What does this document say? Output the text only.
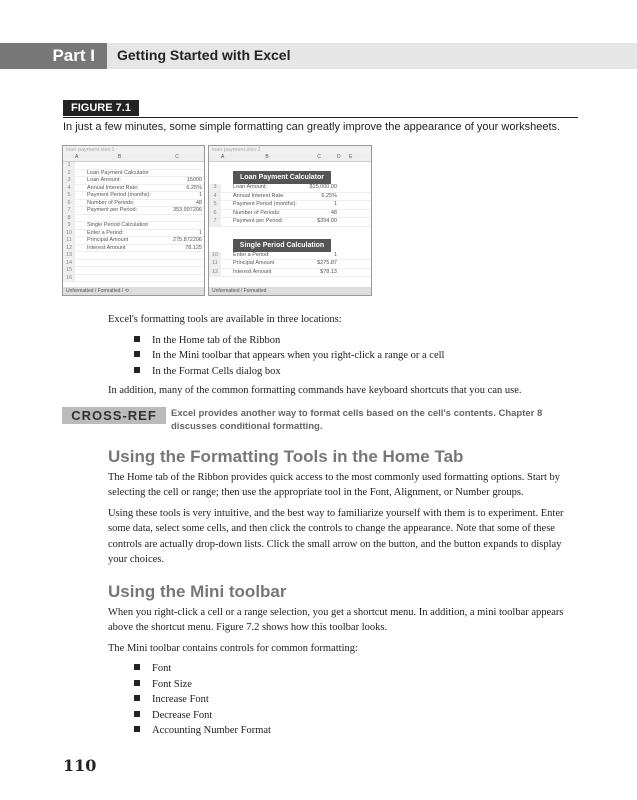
Part I	Getting Started with Excel
FIGURE 7.1
In just a few minutes, some simple formatting can greatly improve the appearance of your worksheets.
loan payment.xlsx:1
A	B	C
1
2	Loan Payment Calculator
3	Loan Amount:	15000
4	Annual Interest Rate:	6.25%
5	Payment Period (months):	1
6	Number of Periods:	48
7	Payment per Period:	353.997206
8
9	Single Period Calculation
10	Enter a Period:	1
11	Principal Amount	275.872206
12	Interest Amount	78.125
13
14
15
16
Unformatted / Formatted / ⟲
loan payment.xlsx:2
A	B	C	D	E
Loan Payment Calculator
3	Loan Amount:	$15,000.00
4	Annual Interest Rate:	6.25%
5	Payment Period (months):	1
6	Number of Periods:	48
7	Payment per Period:	$354.00
Single Period Calculation
10	Enter a Period:	1
11	Principal Amount	$275.87
12	Interest Amount	$78.13
Unformatted / Formatted
Excel's formatting tools are available in three locations:
In the Home tab of the Ribbon
In the Mini toolbar that appears when you right-click a range or a cell
In the Format Cells dialog box
In addition, many of the common formatting commands have keyboard shortcuts that you can use.
CROSS-REF	Excel provides another way to format cells based on the cell's contents. Chapter 8 discusses conditional formatting.
Using the Formatting Tools in the Home Tab
The Home tab of the Ribbon provides quick access to the most commonly used formatting options. Start by selecting the cell or range; then use the appropriate tool in the Font, Alignment, or Number groups.
Using these tools is very intuitive, and the best way to familiarize yourself with them is to experiment. Enter some data, select some cells, and then click the controls to change the appearance. Note that some of these controls are actually drop-down lists. Click the small arrow on the button, and the button expands to display your choices.
Using the Mini toolbar
When you right-click a cell or a range selection, you get a shortcut menu. In addition, a mini toolbar appears above the shortcut menu. Figure 7.2 shows how this toolbar looks.
The Mini toolbar contains controls for common formatting:
Font
Font Size
Increase Font
Decrease Font
Accounting Number Format
110
